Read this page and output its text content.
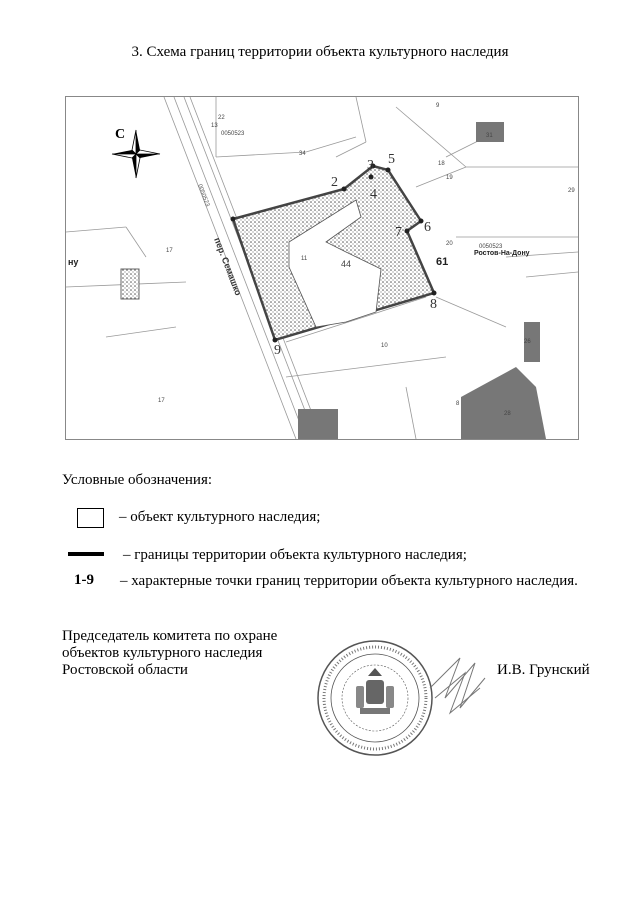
3. Схема границ территории объекта культурного наследия
2
3
4
5
6
7
8
9
44	61
34
11
10
20
13
26
18
9
31
29
8
17
17
28
22
19
0050523
0050523
Ростов-На-Дону
ну	пер. Семашко
0050523
С
Условные обозначения:
– объект культурного наследия;
– границы территории объекта культурного наследия;
1-9 – характерные точки границ территории объекта культурного наследия.
Председатель комитета по охране
объектов культурного наследия
Ростовской области	И.В. Грунский
